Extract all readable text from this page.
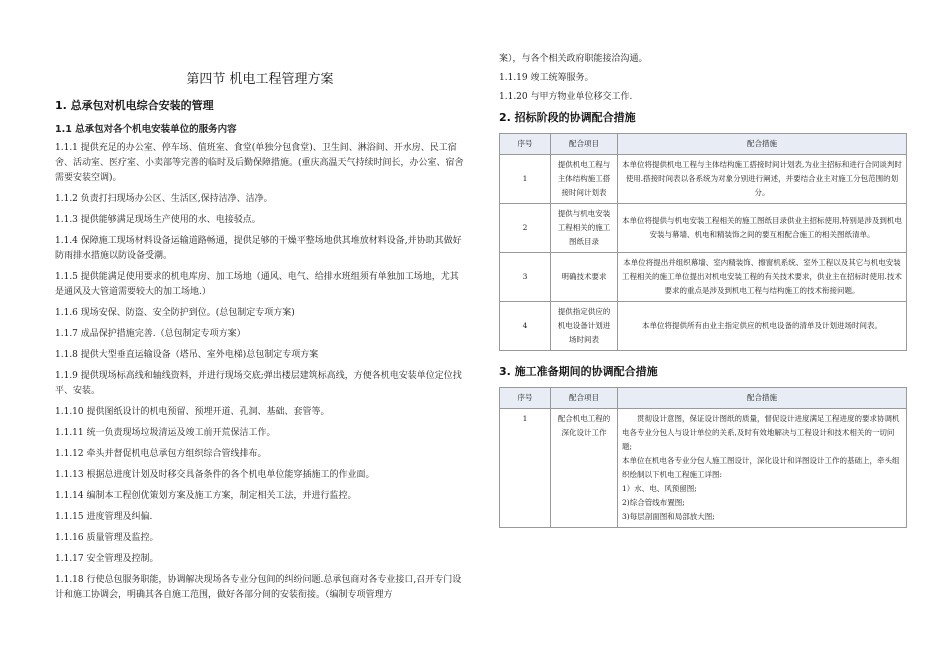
第四节 机电工程管理方案
1. 总承包对机电综合安装的管理
1.1 总承包对各个机电安装单位的服务内容

1.1.1 提供充足的办公室、停车场、值班室、食堂(单独分包食堂)、卫生间、淋浴间、开水房、民工宿舍、活动室、医疗室、小卖部等完善的临时及后勤保障措施。(重庆高温天气持续时间长，办公室、宿舍需要安装空调)。

1.1.2 负责打扫现场办公区、生活区,保持洁净、洁净。

1.1.3 提供能够满足现场生产使用的水、电接驳点。

1.1.4 保障施工现场材料设备运输道路畅通，提供足够的干燥平整场地供其堆放材料设备,并协助其做好防雨排水措施以防设备受潮。

1.1.5 提供能满足使用要求的机电库房、加工场地（通风、电气、给排水班组须有单独加工场地，尤其是通风及大管道需要较大的加工场地.）

1.1.6 现场安保、防盗、安全防护到位。(总包制定专项方案)

1.1.7 成品保护措施完善.（总包制定专项方案）

1.1.8 提供大型垂直运输设备（塔吊、室外电梯)总包制定专项方案

1.1.9 提供现场标高线和轴线资料，并进行现场交底;弹出楼层建筑标高线，方便各机电安装单位定位找平、安装。

1.1.10 提供图纸设计的机电预留、预埋开道、孔洞、基础、套管等。

1.1.11 统一负责现场垃圾清运及竣工前开荒保洁工作。

1.1.12 牵头并督促机电总承包方组织综合管线排布。

1.1.13 根据总进度计划及时移交具备条件的各个机电单位能穿插施工的作业面。

1.1.14 编制本工程创优策划方案及施工方案，制定相关工法，并进行监控。

1.1.15 进度管理及纠偏.

1.1.16 质量管理及监控。

1.1.17 安全管理及控制。

1.1.18 行使总包服务职能，协调解决现场各专业分包间的纠纷问题.总承包商对各专业接口,召开专门设计和施工协调会，明确其各自施工范围，做好各部分间的安装衔接。（编制专项管理方

案），与各个相关政府职能接洽沟通。

1.1.19 竣工统筹服务。

1.1.20 与甲方物业单位移交工作.

2. 招标阶段的协调配合措施
序号	配合项目	配合措施
1	提供机电工程与主体结构施工搭接时间计划表	本单位将提供机电工程与主体结构施工搭接时间计划表,为业主招标和进行合同谈判时使用.搭接时间表以各系统为对象分别进行阐述，并要结合业主对施工分包范围的划分。
2	提供与机电安装工程相关的施工图纸目录	本单位将提供与机电安装工程相关的施工图纸目录供业主招标使用,特别是涉及到机电安装与幕墙、机电和精装饰之间的要互相配合施工的相关图纸清单。
3	明确技术要求	本单位将提出并组织幕墙、室内精装饰、擦窗机系统、室外工程以及其它与机电安装工程相关的施工单位提出对机电安装工程的有关技术要求，供业主在招标时使用.技术要求的重点是涉及到机电工程与结构施工的技术衔接问题。
4	提供指定供应的机电设备计划进场时间表	本单位将提供所有由业主指定供应的机电设备的清单及计划进场时间表。
3. 施工准备期间的协调配合措施
序号	配合项目	配合措施
1	配合机电工程的深化设计工作	贯彻设计意图，保证设计图纸的质量，督促设计进度满足工程进度的要求协调机电各专业分包人与设计单位的关系,及时有效地解决与工程设计和技术相关的一切问题;
本单位在机电各专业分包人施工图设计，深化设计和详图设计工作的基础上，牵头组织绘制以下机电工程施工详图:
1）水、电、风预留图;
2)综合管线布置图;
3)每层剖面图和局部放大图;
